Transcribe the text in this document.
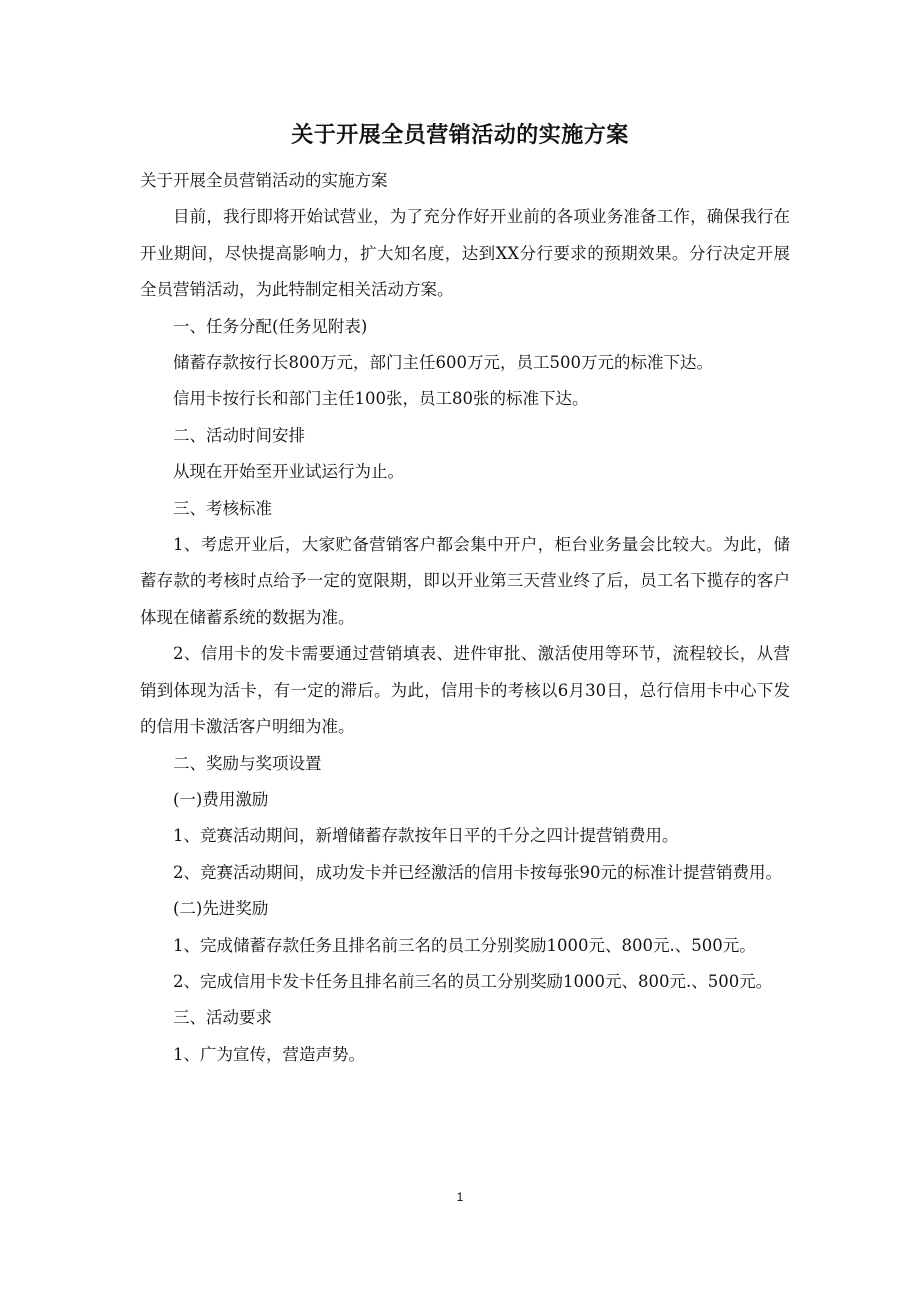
关于开展全员营销活动的实施方案

关于开展全员营销活动的实施方案

目前，我行即将开始试营业，为了充分作好开业前的各项业务准备工作，确保我行在开业期间，尽快提高影响力，扩大知名度，达到XX分行要求的预期效果。分行决定开展全员营销活动，为此特制定相关活动方案。

一、任务分配(任务见附表)

储蓄存款按行长800万元，部门主任600万元，员工500万元的标准下达。

信用卡按行长和部门主任100张，员工80张的标准下达。

二、活动时间安排

从现在开始至开业试运行为止。

三、考核标准

1、考虑开业后，大家贮备营销客户都会集中开户，柜台业务量会比较大。为此，储蓄存款的考核时点给予一定的宽限期，即以开业第三天营业终了后，员工名下揽存的客户体现在储蓄系统的数据为准。

2、信用卡的发卡需要通过营销填表、进件审批、激活使用等环节，流程较长，从营销到体现为活卡，有一定的滞后。为此，信用卡的考核以6月30日，总行信用卡中心下发的信用卡激活客户明细为准。

二、奖励与奖项设置

(一)费用激励

1、竞赛活动期间，新增储蓄存款按年日平的千分之四计提营销费用。

2、竞赛活动期间，成功发卡并已经激活的信用卡按每张90元的标准计提营销费用。

(二)先进奖励

1、完成储蓄存款任务且排名前三名的员工分别奖励1000元、800元.、500元。

2、完成信用卡发卡任务且排名前三名的员工分别奖励1000元、800元.、500元。

三、活动要求

1、广为宣传，营造声势。

1
